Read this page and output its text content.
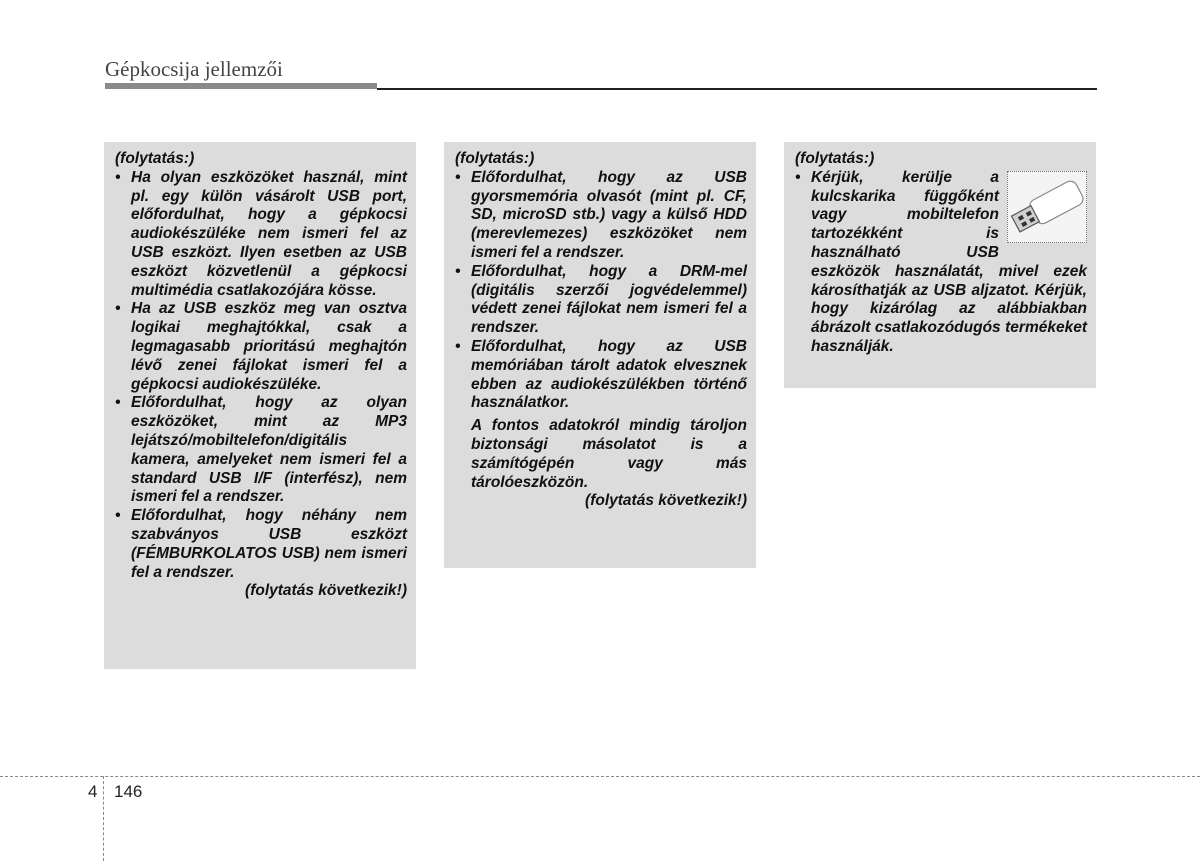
Gépkocsija jellemzői

(folytatás:)

• Ha olyan eszközöket használ, mint pl. egy külön vásárolt USB port, előfordulhat, hogy a gépkocsi audiokészüléke nem ismeri fel az USB eszközt. Ilyen esetben az USB eszközt közvetlenül a gépkocsi multimédia csatlakozójára kösse.

• Ha az USB eszköz meg van osztva logikai meghajtókkal, csak a legmagasabb prioritású meghajtón lévő zenei fájlokat ismeri fel a gépkocsi audiokészüléke.

• Előfordulhat, hogy az olyan eszközöket, mint az MP3 lejátszó/mobiltelefon/digitális kamera, amelyeket nem ismeri fel a standard USB I/F (interfész), nem ismeri fel a rendszer.

• Előfordulhat, hogy néhány nem szabványos USB eszközt (FÉMBURKOLATOS USB) nem ismeri fel a rendszer.

(folytatás következik!)

(folytatás:)

• Előfordulhat, hogy az USB gyorsmemória olvasót (mint pl. CF, SD, microSD stb.) vagy a külső HDD (merevlemezes) eszközöket nem ismeri fel a rendszer.

• Előfordulhat, hogy a DRM-mel (digitális szerzői jogvédelemmel) védett zenei fájlokat nem ismeri fel a rendszer.

• Előfordulhat, hogy az USB memóriában tárolt adatok elvesznek ebben az audiokészülékben történő használatkor.

A fontos adatokról mindig tároljon biztonsági másolatot is a számítógépén vagy más tárolóeszközön.

(folytatás következik!)

(folytatás:)

• Kérjük, kerülje a kulcskarika függőként vagy mobiltelefon tartozékként is használható USB eszközök használatát, mivel ezek károsíthatják az USB aljzatot. Kérjük, hogy kizárólag az alábbiakban ábrázolt csatlakozódugós termékeket használják.

4 146
